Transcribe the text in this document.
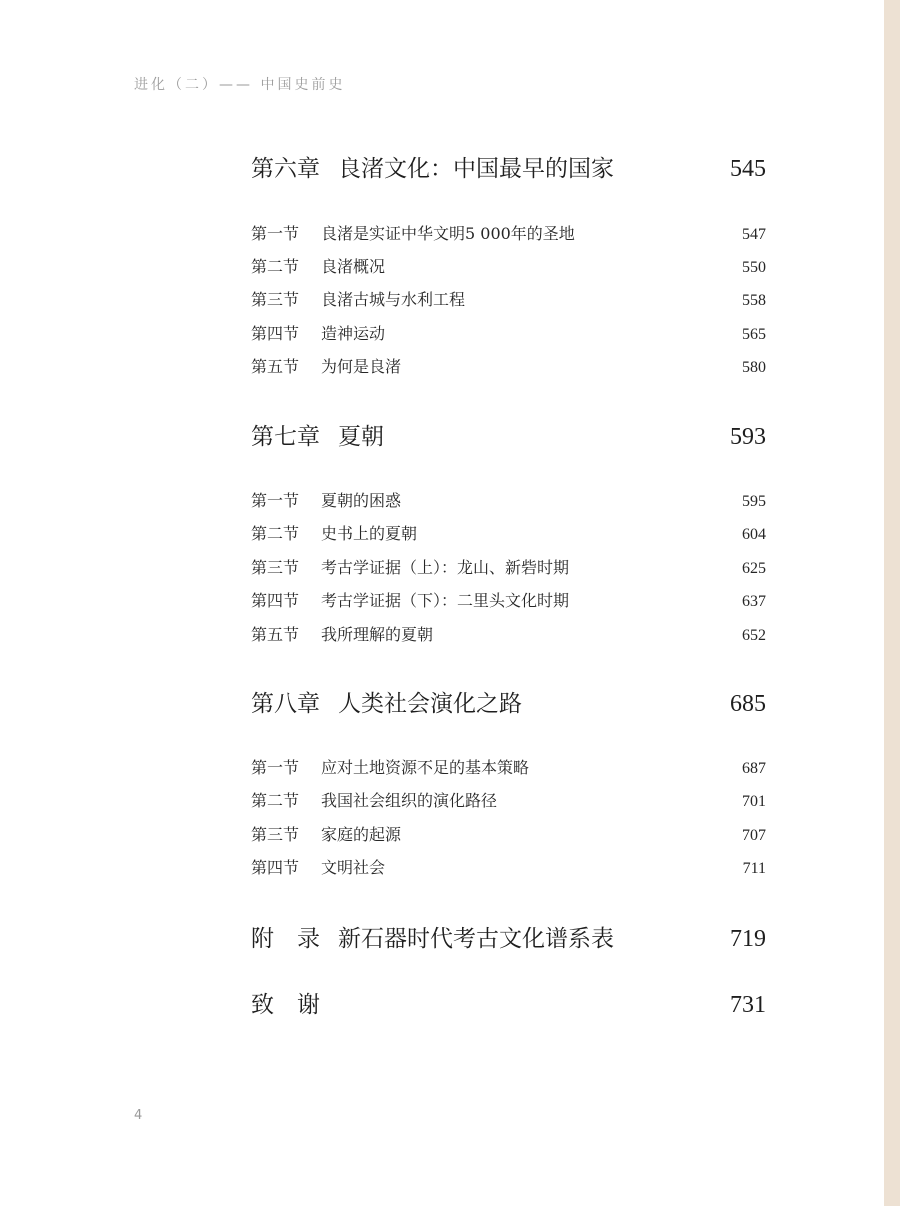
进化（二）—— 中国史前史
第六章 良渚文化：中国最早的国家	545
第一节 良渚是实证中华文明5 000年的圣地	547
第二节 良渚概况	550
第三节 良渚古城与水利工程	558
第四节 造神运动	565
第五节 为何是良渚	580
第七章 夏朝	593
第一节 夏朝的困惑	595
第二节 史书上的夏朝	604
第三节 考古学证据（上）：龙山、新砦时期	625
第四节 考古学证据（下）：二里头文化时期	637
第五节 我所理解的夏朝	652
第八章 人类社会演化之路	685
第一节 应对土地资源不足的基本策略	687
第二节 我国社会组织的演化路径	701
第三节 家庭的起源	707
第四节 文明社会	711
附　录 新石器时代考古文化谱系表	719
致　谢	731
4
